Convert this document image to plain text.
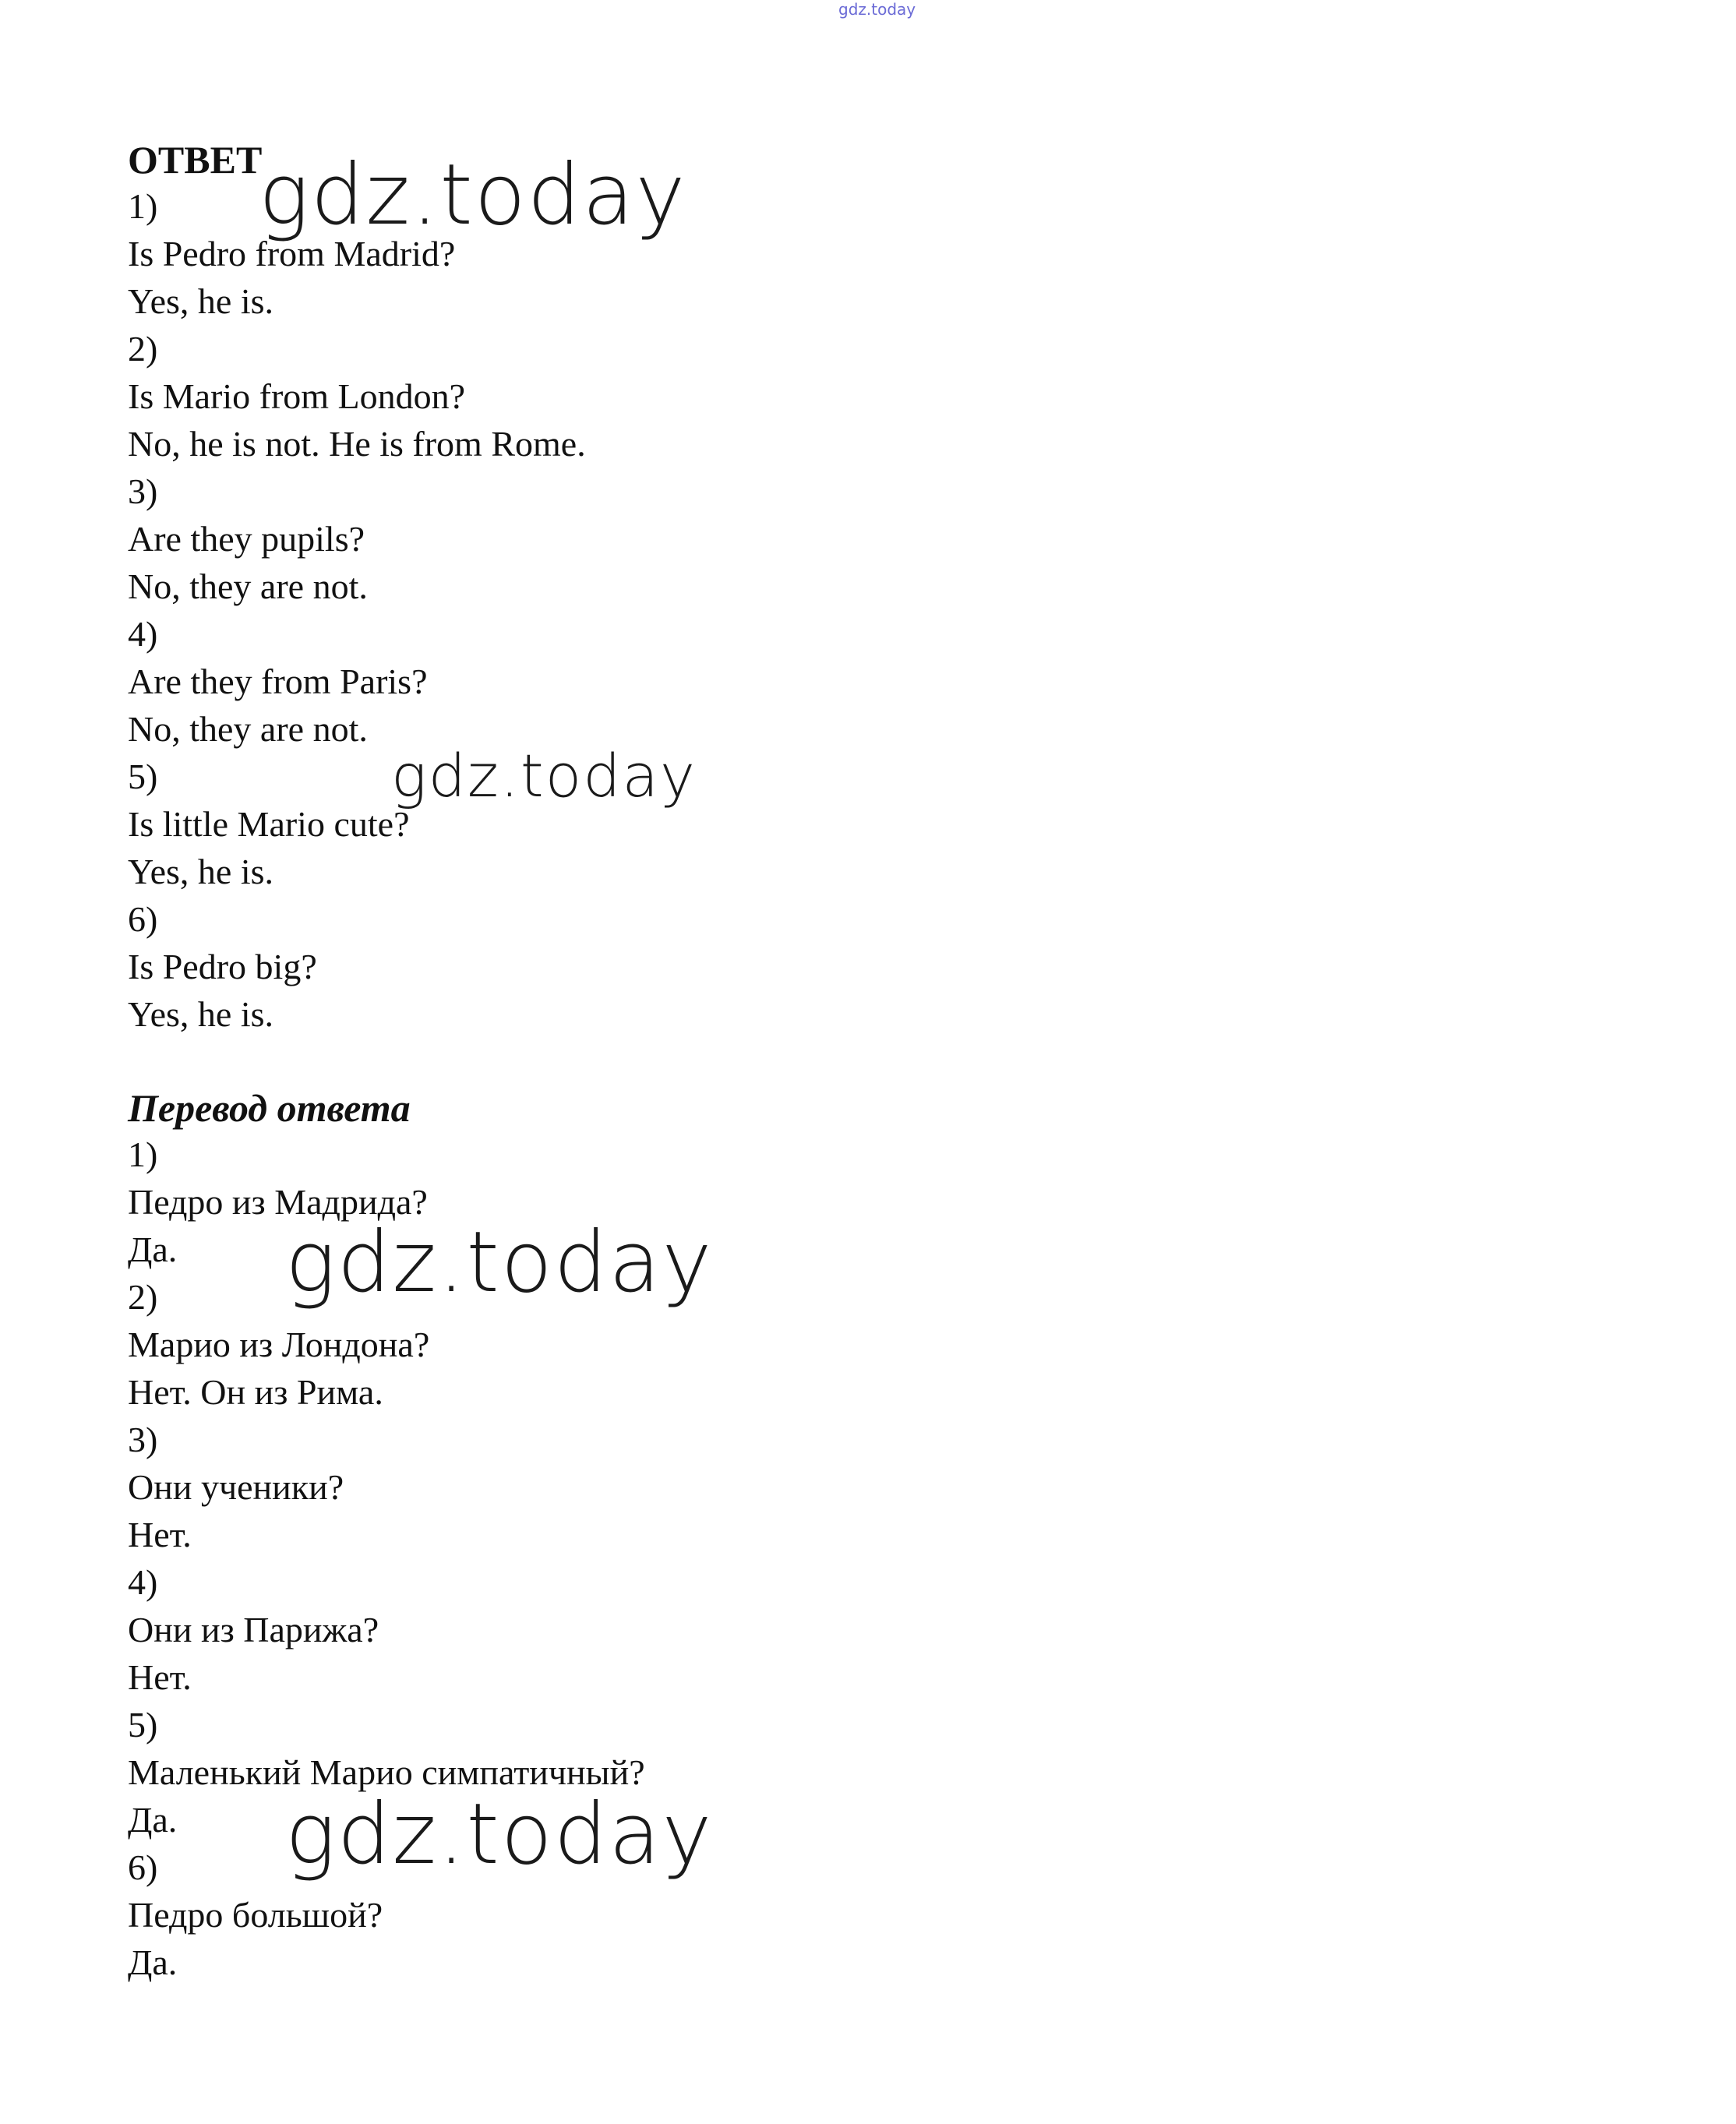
gdz.today
ОТВЕТ
1)
Is Pedro from Madrid?
Yes, he is.
2)
Is Mario from London?
No, he is not. He is from Rome.
3)
Are they pupils?
No, they are not.
4)
Are they from Paris?
No, they are not.
5)
Is little Mario cute?
Yes, he is.
6)
Is Pedro big?
Yes, he is.
Перевод ответа
1)
Педро из Мадрида?
Да.
2)
Марио из Лондона?
Нет. Он из Рима.
3)
Они ученики?
Нет.
4)
Они из Парижа?
Нет.
5)
Маленький Марио симпатичный?
Да.
6)
Педро большой?
Да.
gdz.today
gdz.today
gdz.today
gdz.today
